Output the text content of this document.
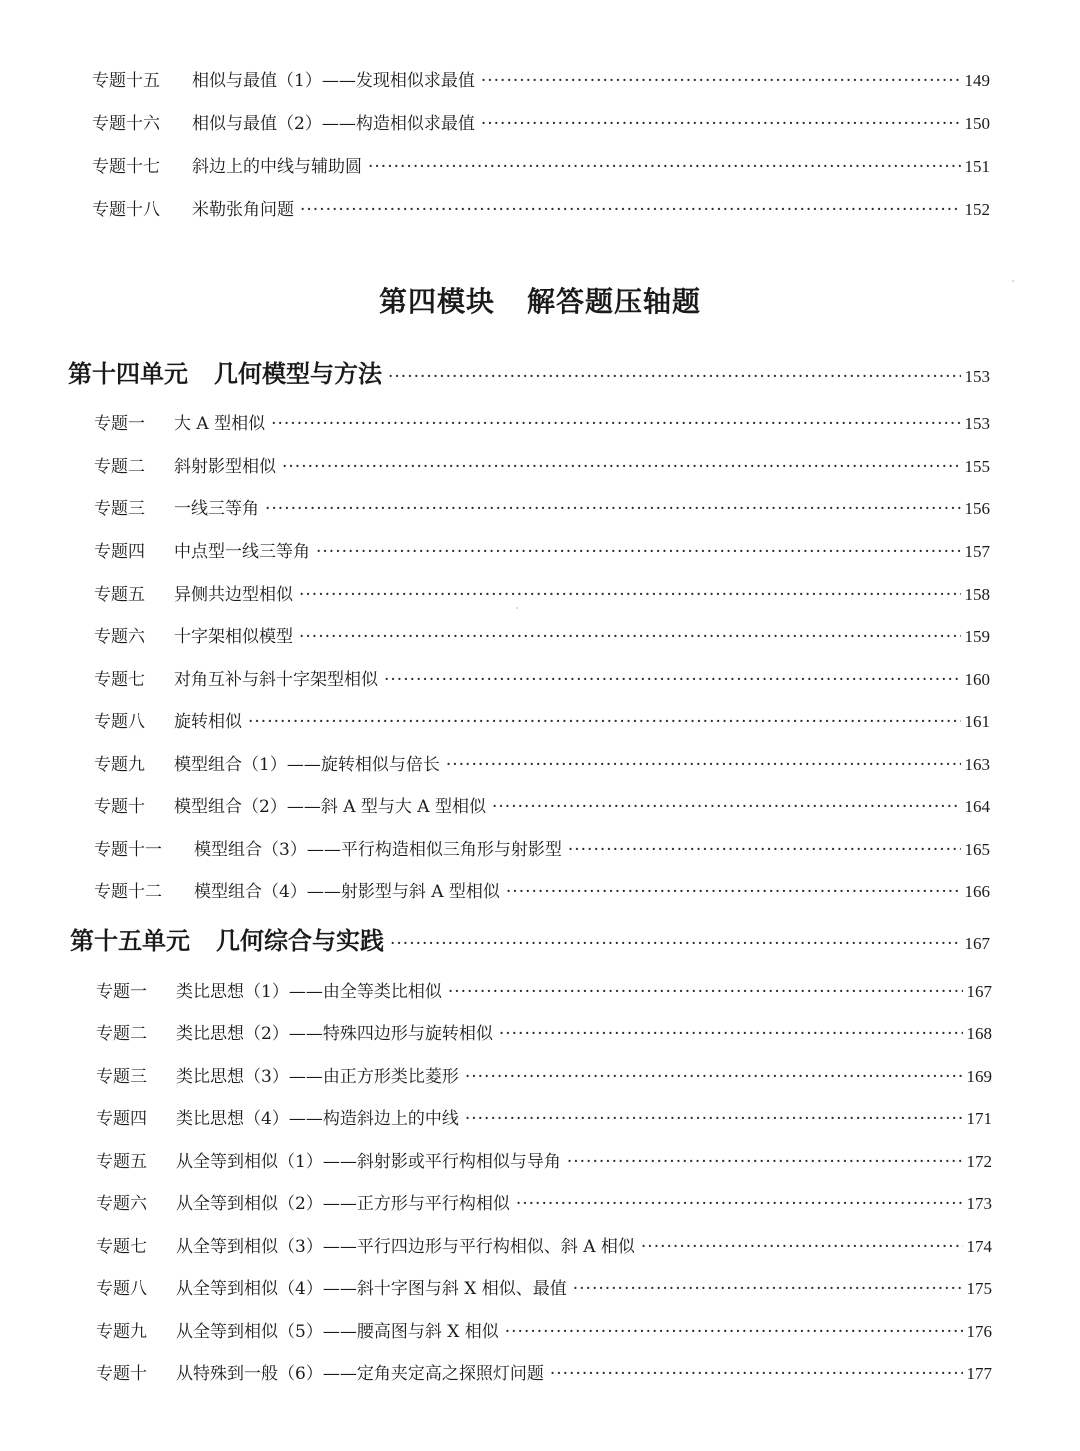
专题十五	相似与最值（1）——发现相似求最值 ·····	149
专题十六	相似与最值（2）——构造相似求最值 ·····	150
专题十七	斜边上的中线与辅助圆 ·····	151
专题十八	米勒张角问题 ·····	152
第四模块 解答题压轴题
第十四单元 几何模型与方法 ·····	153
专题一	大 A 型相似 ·····	153
专题二	斜射影型相似 ·····	155
专题三	一线三等角 ·····	156
专题四	中点型一线三等角 ·····	157
专题五	异侧共边型相似 ·····	158
专题六	十字架相似模型 ·····	159
专题七	对角互补与斜十字架型相似 ·····	160
专题八	旋转相似 ·····	161
专题九	模型组合（1）——旋转相似与倍长 ·····	163
专题十	模型组合（2）——斜 A 型与大 A 型相似 ·····	164
专题十一	模型组合（3）——平行构造相似三角形与射影型 ·····	165
专题十二	模型组合（4）——射影型与斜 A 型相似 ·····	166
第十五单元 几何综合与实践 ·····	167
专题一	类比思想（1）——由全等类比相似 ·····	167
专题二	类比思想（2）——特殊四边形与旋转相似 ·····	168
专题三	类比思想（3）——由正方形类比菱形 ·····	169
专题四	类比思想（4）——构造斜边上的中线 ·····	171
专题五	从全等到相似（1）——斜射影或平行构相似与导角 ·····	172
专题六	从全等到相似（2）——正方形与平行构相似 ·····	173
专题七	从全等到相似（3）——平行四边形与平行构相似、斜 A 相似 ·····	174
专题八	从全等到相似（4）——斜十字图与斜 X 相似、最值 ·····	175
专题九	从全等到相似（5）——腰高图与斜 X 相似 ·····	176
专题十	从特殊到一般（6）——定角夹定高之探照灯问题 ·····	177
